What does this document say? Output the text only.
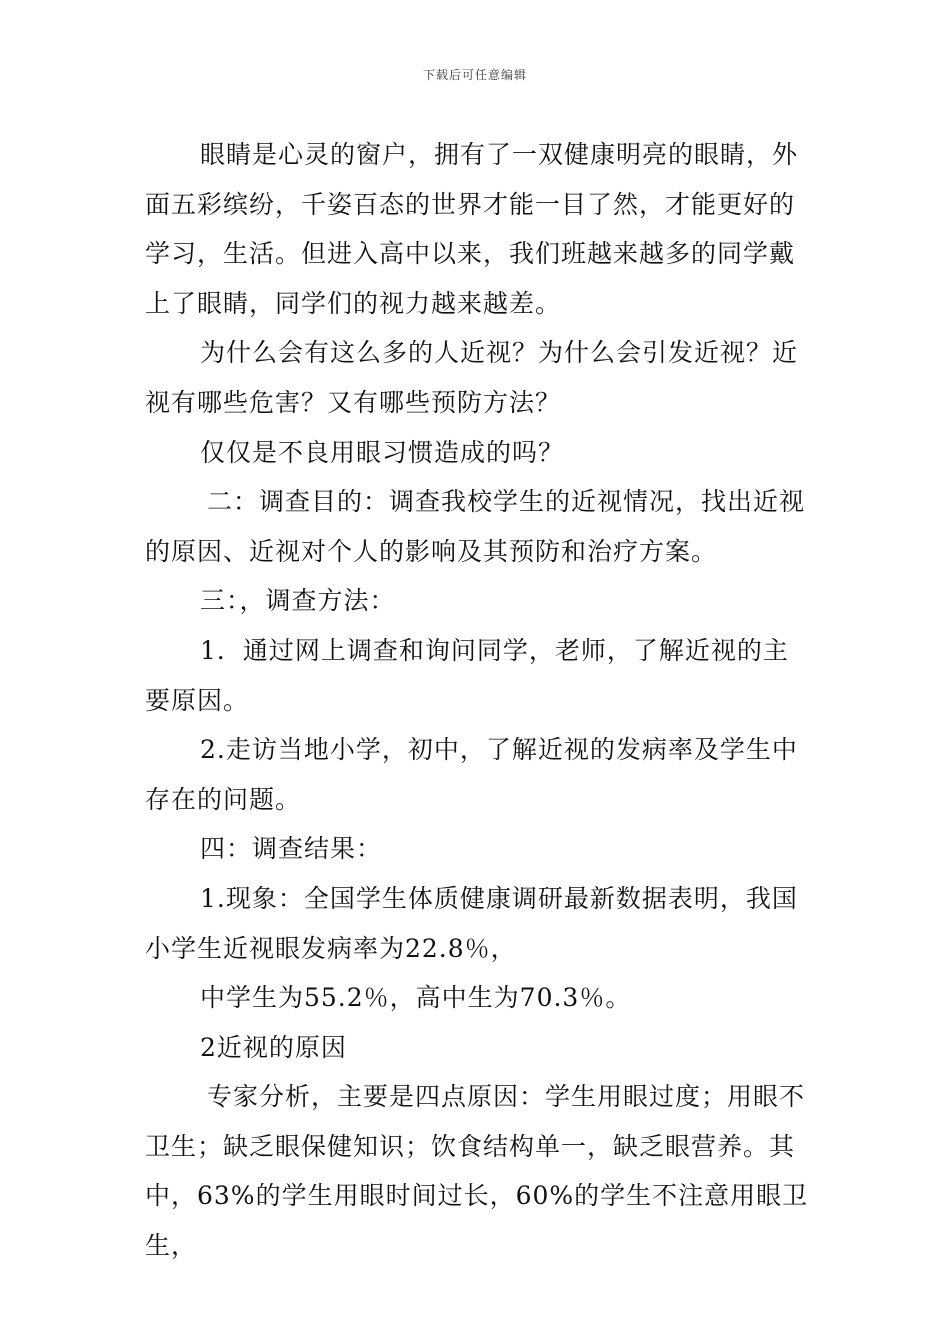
下载后可任意编辑

眼睛是心灵的窗户，拥有了一双健康明亮的眼睛，外面五彩缤纷，千姿百态的世界才能一目了然，才能更好的学习，生活。但进入高中以来，我们班越来越多的同学戴上了眼睛，同学们的视力越来越差。

为什么会有这么多的人近视？为什么会引发近视？近视有哪些危害？又有哪些预防方法？

仅仅是不良用眼习惯造成的吗？

二：调查目的：调查我校学生的近视情况，找出近视的原因、近视对个人的影响及其预防和治疗方案。

三：，调查方法：

1．通过网上调查和询问同学，老师，了解近视的主要原因。

2.走访当地小学，初中，了解近视的发病率及学生中存在的问题。

四：调查结果：

1.现象：全国学生体质健康调研最新数据表明，我国小学生近视眼发病率为22.8％，

中学生为55.2％，高中生为70.3％。

2近视的原因

专家分析，主要是四点原因：学生用眼过度；用眼不卫生；缺乏眼保健知识；饮食结构单一，缺乏眼营养。其中，63%的学生用眼时间过长，60%的学生不注意用眼卫生，
